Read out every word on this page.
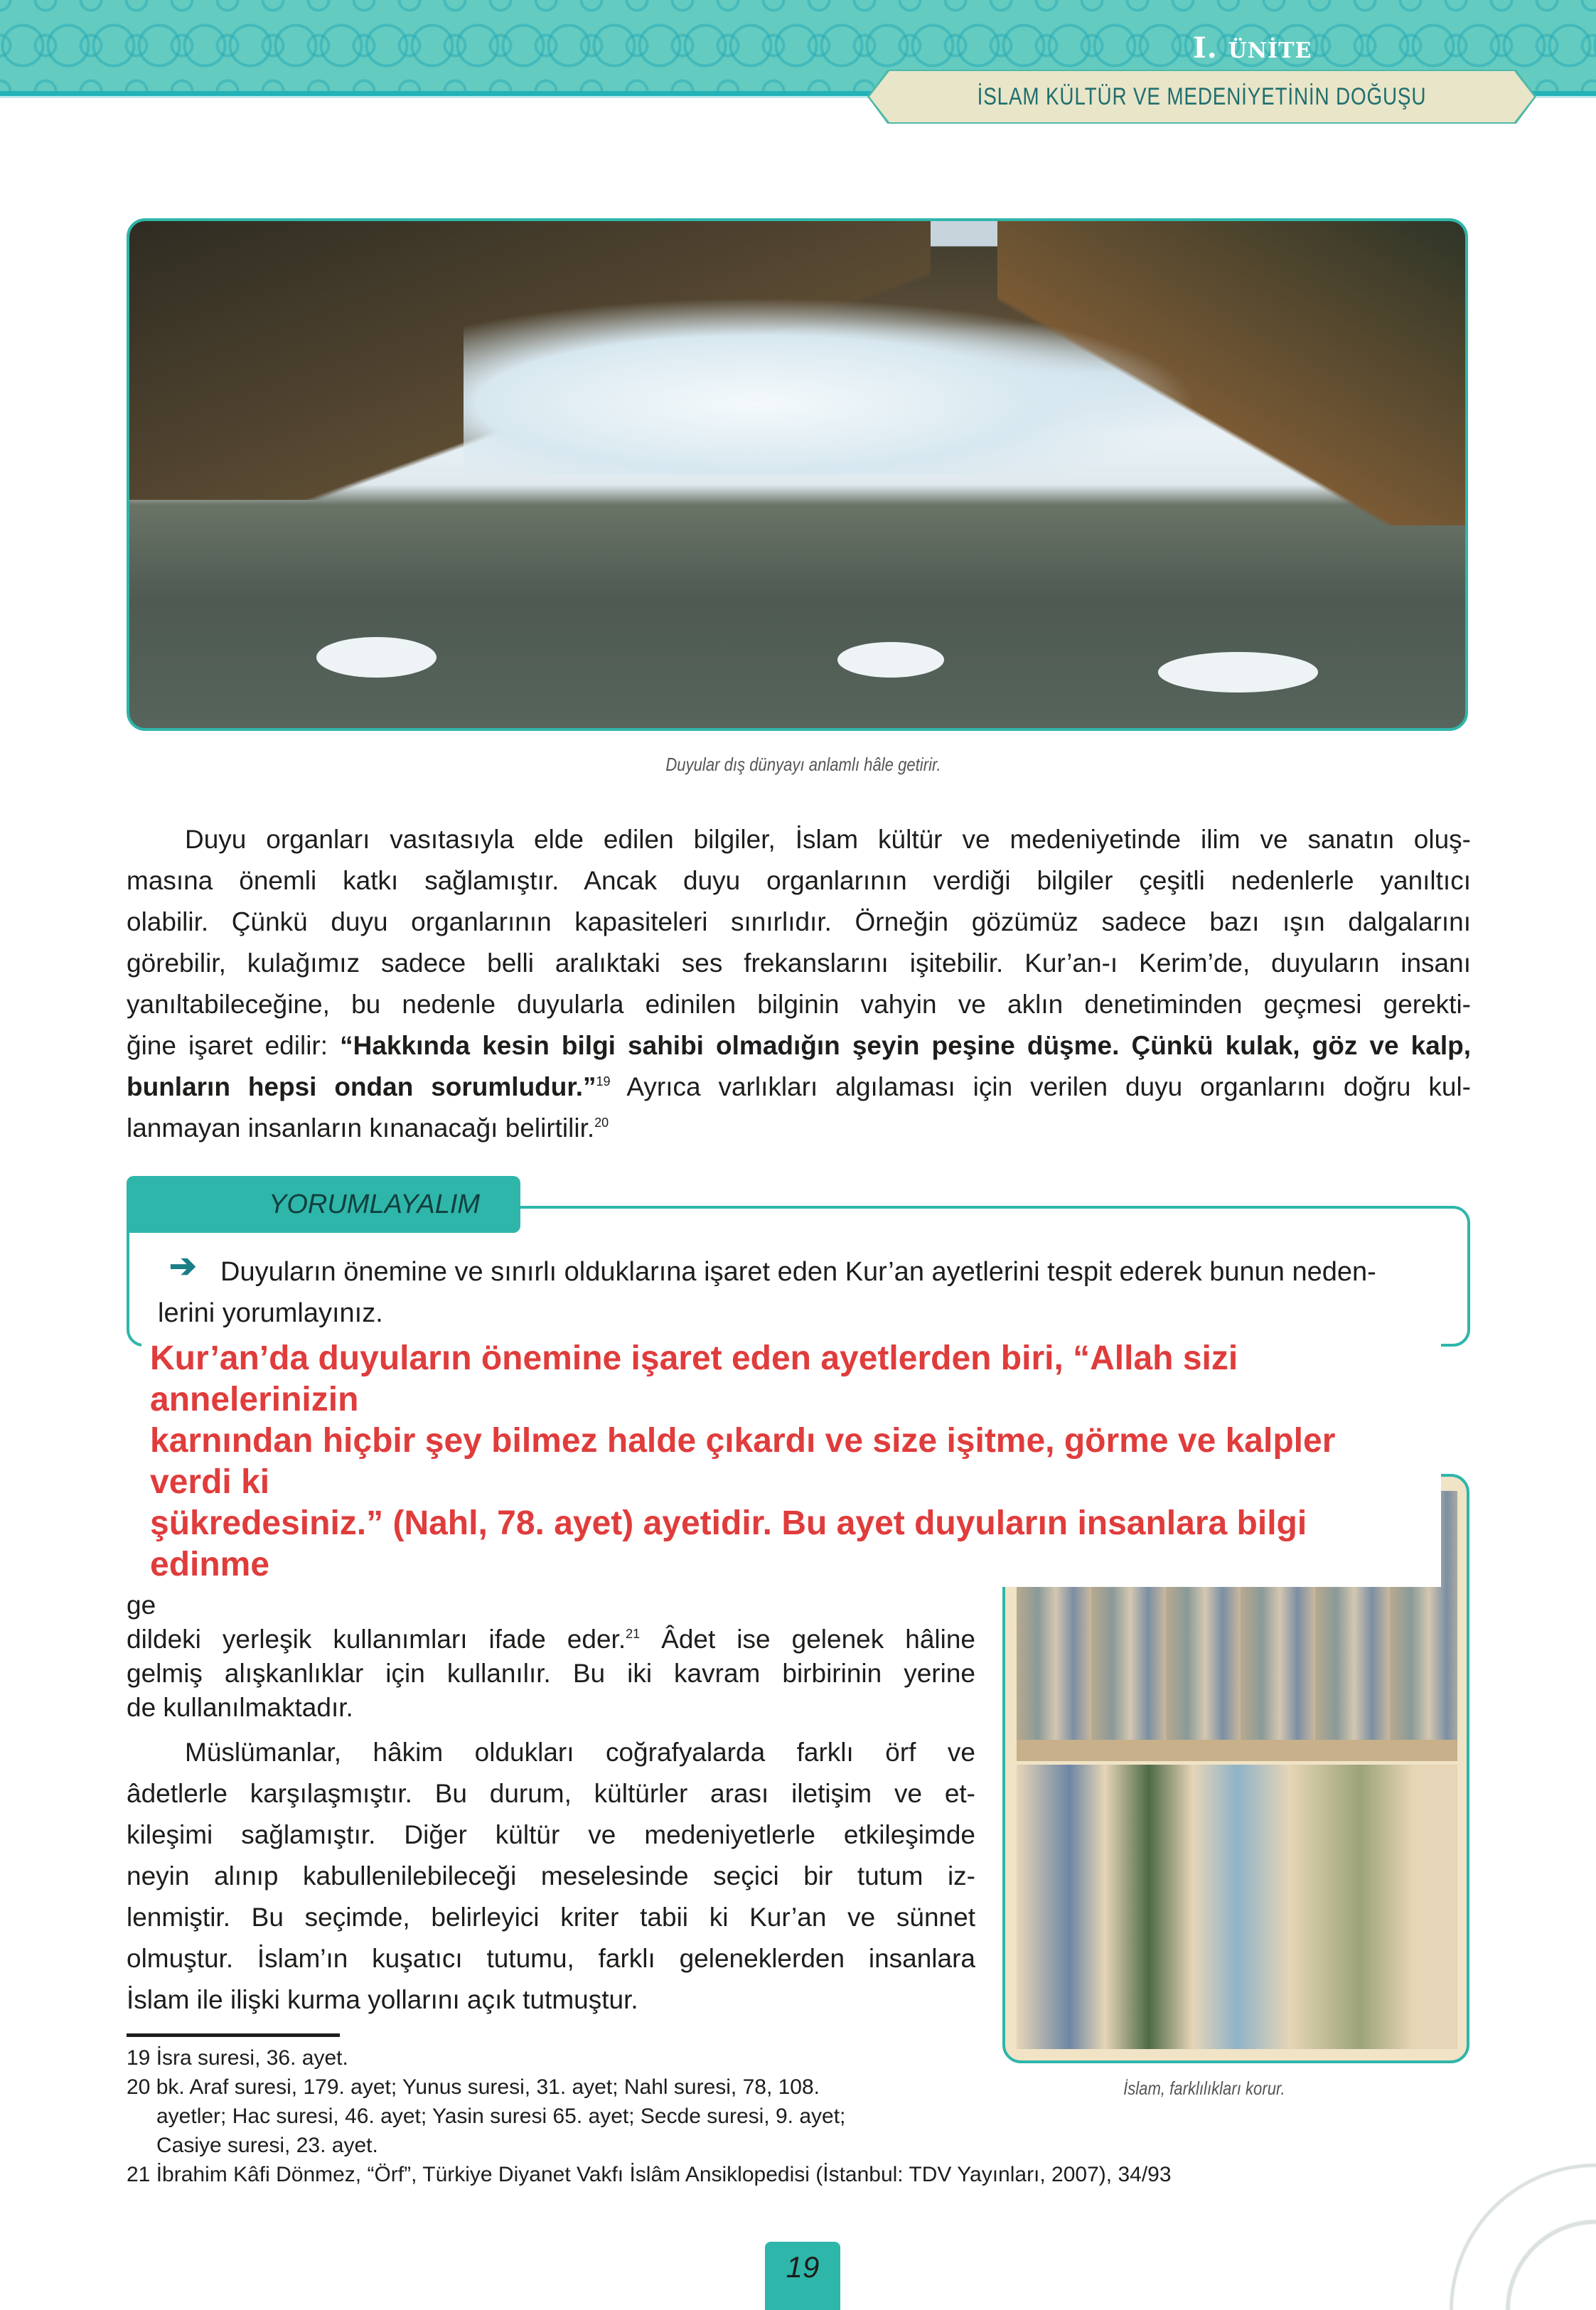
I. ÜNİTE
İSLAM KÜLTÜR VE MEDENİYETİNİN DOĞUŞU
Duyular dış dünyayı anlamlı hâle getirir.
Duyu organları vasıtasıyla elde edilen bilgiler, İslam kültür ve medeniyetinde ilim ve sanatın oluş-
masına önemli katkı sağlamıştır. Ancak duyu organlarının verdiği bilgiler çeşitli nedenlerle yanıltıcı
olabilir. Çünkü duyu organlarının kapasiteleri sınırlıdır. Örneğin gözümüz sadece bazı ışın dalgalarını
görebilir, kulağımız sadece belli aralıktaki ses frekanslarını işitebilir. Kur’an-ı Kerim’de, duyuların insanı
yanıltabileceğine, bu nedenle duyularla edinilen bilginin vahyin ve aklın denetiminden geçmesi gerekti-
ğine işaret edilir: “Hakkında kesin bilgi sahibi olmadığın şeyin peşine düşme. Çünkü kulak, göz ve kalp,
bunların hepsi ondan sorumludur.”$^{19}$ Ayrıca varlıkları algılaması için verilen duyu organlarını doğru kul-
lanmayan insanların kınanacağı belirtilir.$^{20}$
YORUMLAYALIM
➔ Duyuların önemine ve sınırlı olduklarına işaret eden Kur’an ayetlerini tespit ederek bunun neden-
lerini yorumlayınız.
Kur’an’da duyuların önemine işaret eden ayetlerden biri, “Allah sizi
annelerinizin
karnından hiçbir şey bilmez halde çıkardı ve size işitme, görme ve kalpler
verdi ki
şükredesiniz.” (Nahl, 78. ayet) ayetidir. Bu ayet duyuların insanlara bilgi
edinme
ge
dildeki yerleşik kullanımları ifade eder.$^{21}$ Âdet ise gelenek hâline
gelmiş alışkanlıklar için kullanılır. Bu iki kavram birbirinin yerine
de kullanılmaktadır.
Müslümanlar, hâkim oldukları coğrafyalarda farklı örf ve
âdetlerle karşılaşmıştır. Bu durum, kültürler arası iletişim ve et-
kileşimi sağlamıştır. Diğer kültür ve medeniyetlerle etkileşimde
neyin alınıp kabullenilebileceği meselesinde seçici bir tutum iz-
lenmiştir. Bu seçimde, belirleyici kriter tabii ki Kur’an ve sünnet
olmuştur. İslam’ın kuşatıcı tutumu, farklı geleneklerden insanlara
İslam ile ilişki kurma yollarını açık tutmuştur.
İslam, farklılıkları korur.
19 İsra suresi, 36. ayet.
20 bk. Araf suresi, 179. ayet; Yunus suresi, 31. ayet; Nahl suresi, 78, 108.
ayetler; Hac suresi, 46. ayet; Yasin suresi 65. ayet; Secde suresi, 9. ayet;
Casiye suresi, 23. ayet.
21 İbrahim Kâfi Dönmez, “Örf”, Türkiye Diyanet Vakfı İslâm Ansiklopedisi (İstanbul: TDV Yayınları, 2007), 34/93
19
